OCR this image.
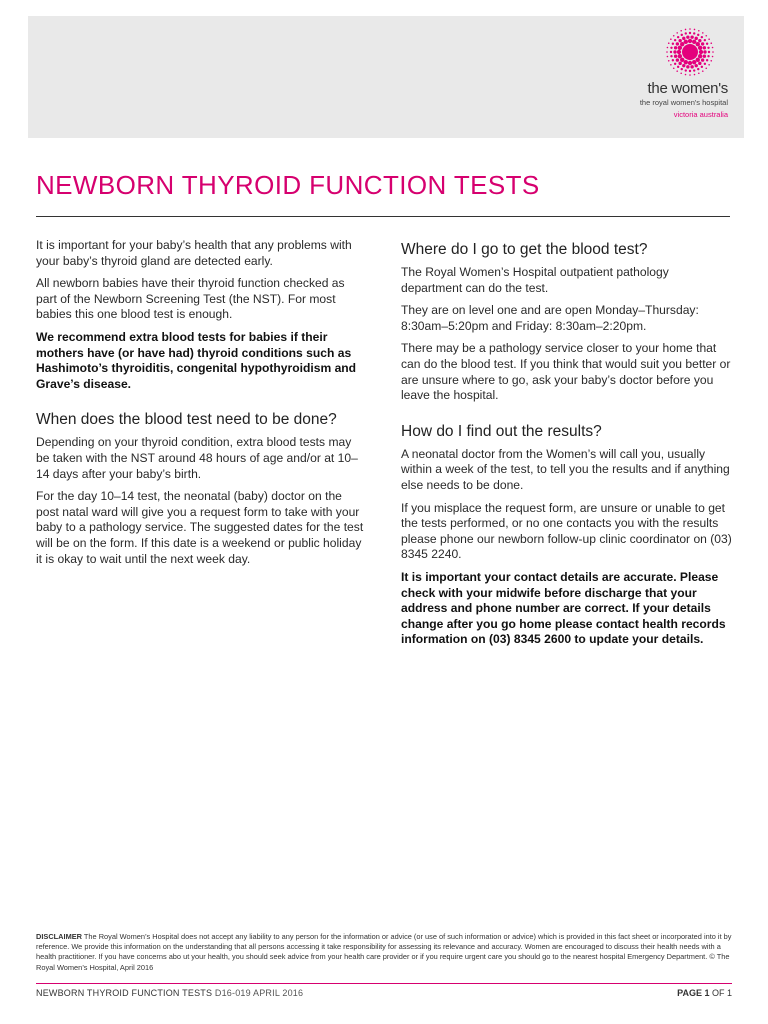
the women's
the royal women's hospital
victoria australia
NEWBORN THYROID FUNCTION TESTS

It is important for your baby’s health that any problems with your baby’s thyroid gland are detected early.

All newborn babies have their thyroid function checked as part of the Newborn Screening Test (the NST). For most babies this one blood test is enough.

We recommend extra blood tests for babies if their mothers have (or have had) thyroid conditions such as Hashimoto’s thyroiditis, congenital hypothyroidism and Grave’s disease.

When does the blood test need to be done?

Depending on your thyroid condition, extra blood tests may be taken with the NST around 48 hours of age and/or at 10–14 days after your baby’s birth.

For the day 10–14 test, the neonatal (baby) doctor on the post natal ward will give you a request form to take with your baby to a pathology service. The suggested dates for the test will be on the form. If this date is a weekend or public holiday it is okay to wait until the next week day.

Where do I go to get the blood test?

The Royal Women’s Hospital outpatient pathology department can do the test.

They are on level one and are open Monday–Thursday: 8:30am–5:20pm and Friday: 8:30am–2:20pm.

There may be a pathology service closer to your home that can do the blood test. If you think that would suit you better or are unsure where to go, ask your baby’s doctor before you leave the hospital.

How do I find out the results?

A neonatal doctor from the Women’s will call you, usually within a week of the test, to tell you the results and if anything else needs to be done.

If you misplace the request form, are unsure or unable to get the tests performed, or no one contacts you with the results please phone our newborn follow-up clinic coordinator on (03) 8345 2240.

It is important your contact details are accurate. Please check with your midwife before discharge that your address and phone number are correct. If your details change after you go home please contact health records information on (03) 8345 2600 to update your details.

DISCLAIMER The Royal Women’s Hospital does not accept any liability to any person for the information or advice (or use of such information or advice) which is provided in this fact sheet or incorporated into it by reference. We provide this information on the understanding that all persons accessing it take responsibility for assessing its relevance and accuracy. Women are encouraged to discuss their health needs with a health practitioner. If you have concerns abo ut your health, you should seek advice from your health care provider or if you require urgent care you should go to the nearest hospital Emergency Department. © The Royal Women’s Hospital, April 2016
NEWBORN THYROID FUNCTION TESTS D16-019 APRIL 2016	PAGE 1 OF 1
